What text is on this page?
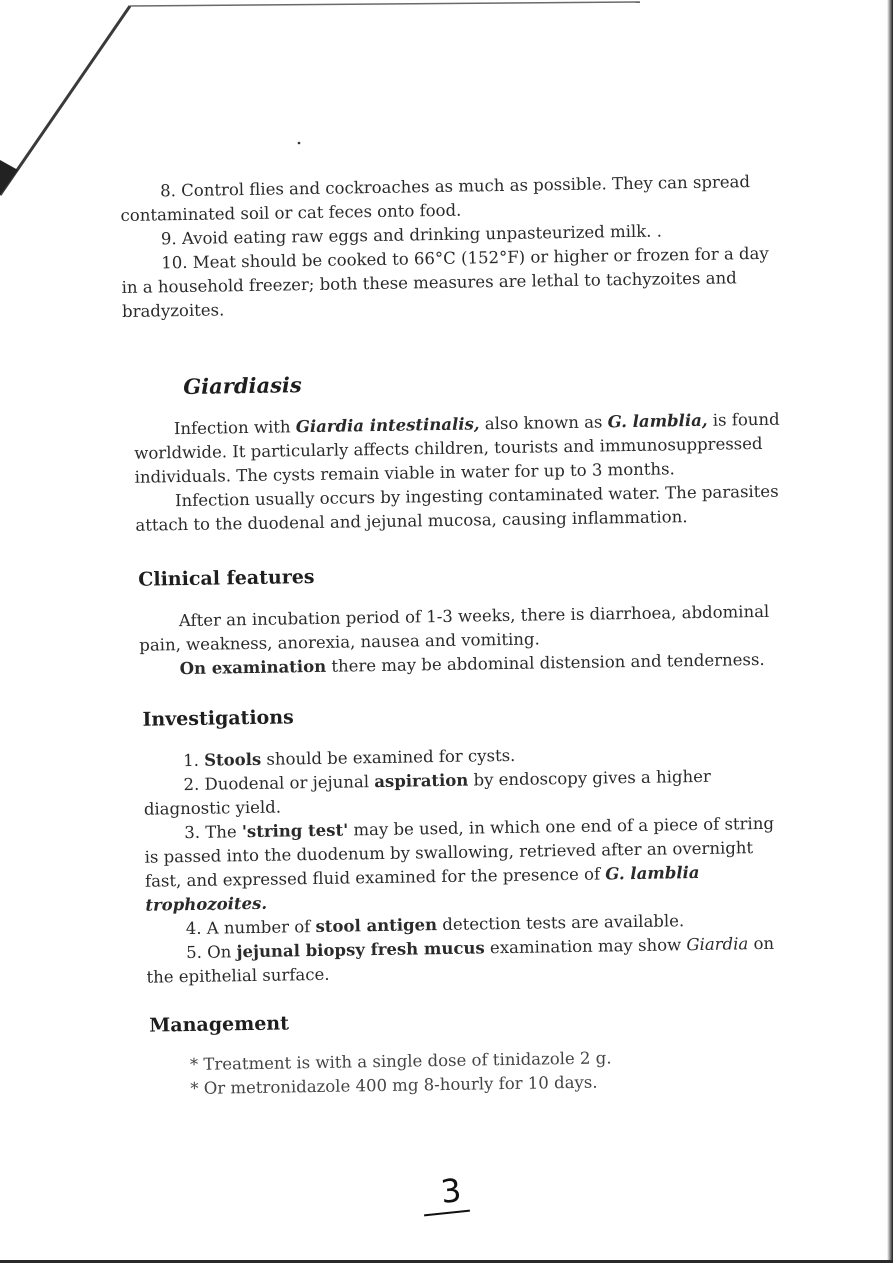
8. Control flies and cockroaches as much as possible. They can spread contaminated soil or cat feces onto food.

9. Avoid eating raw eggs and drinking unpasteurized milk. .

10. Meat should be cooked to 66°C (152°F) or higher or frozen for a day in a household freezer; both these measures are lethal to tachyzoites and bradyzoites.

Giardiasis

Infection with Giardia intestinalis, also known as G. lamblia, is found worldwide. It particularly affects children, tourists and immunosuppressed individuals. The cysts remain viable in water for up to 3 months.

Infection usually occurs by ingesting contaminated water. The parasites attach to the duodenal and jejunal mucosa, causing inflammation.

Clinical features

After an incubation period of 1-3 weeks, there is diarrhoea, abdominal pain, weakness, anorexia, nausea and vomiting.

On examination there may be abdominal distension and tenderness.

Investigations

1. Stools should be examined for cysts.

2. Duodenal or jejunal aspiration by endoscopy gives a higher diagnostic yield.

3. The 'string test' may be used, in which one end of a piece of string is passed into the duodenum by swallowing, retrieved after an overnight fast, and expressed fluid examined for the presence of G. lamblia trophozoites.

4. A number of stool antigen detection tests are available.

5. On jejunal biopsy fresh mucus examination may show Giardia on the epithelial surface.

Management

* Treatment is with a single dose of tinidazole 2 g.

* Or metronidazole 400 mg 8-hourly for 10 days.

3
